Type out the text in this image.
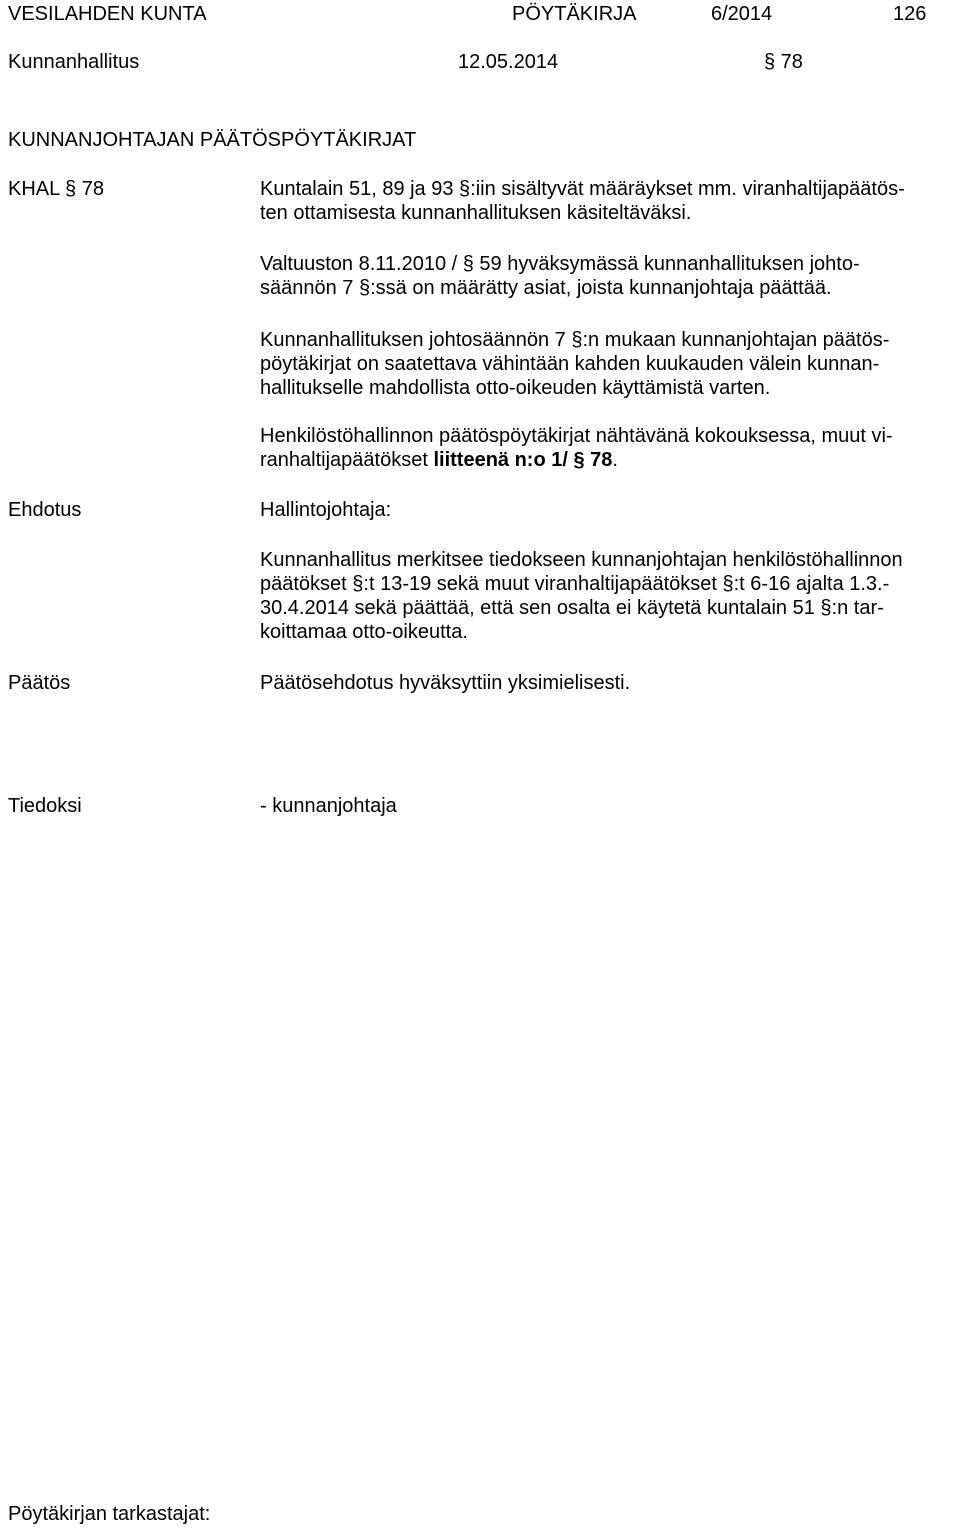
VESILAHDEN KUNTA	PÖYTÄKIRJA	6/2014	126
Kunnanhallitus	12.05.2014	§ 78
KUNNANJOHTAJAN PÄÄTÖSPÖYTÄKIRJAT
KHAL § 78	Kuntalain 51, 89 ja 93 §:iin sisältyvät määräykset mm. viranhaltijapäätös-
ten ottamisesta kunnanhallituksen käsiteltäväksi.
Valtuuston 8.11.2010 / § 59 hyväksymässä kunnanhallituksen johto-
säännön 7 §:ssä on määrätty asiat, joista kunnanjohtaja päättää.
Kunnanhallituksen johtosäännön 7 §:n mukaan kunnanjohtajan päätös-
pöytäkirjat on saatettava vähintään kahden kuukauden välein kunnan-
hallitukselle mahdollista otto-oikeuden käyttämistä varten.
Henkilöstöhallinnon päätöspöytäkirjat nähtävänä kokouksessa, muut vi-
ranhaltijapäätökset liitteenä n:o 1/ § 78.
Ehdotus	Hallintojohtaja:
Kunnanhallitus merkitsee tiedokseen kunnanjohtajan henkilöstöhallinnon
päätökset §:t 13-19 sekä muut viranhaltijapäätökset §:t 6-16 ajalta 1.3.-
30.4.2014 sekä päättää, että sen osalta ei käytetä kuntalain 51 §:n tar-
koittamaa otto-oikeutta.
Päätös	Päätösehdotus hyväksyttiin yksimielisesti.
Tiedoksi	- kunnanjohtaja
Pöytäkirjan tarkastajat:
